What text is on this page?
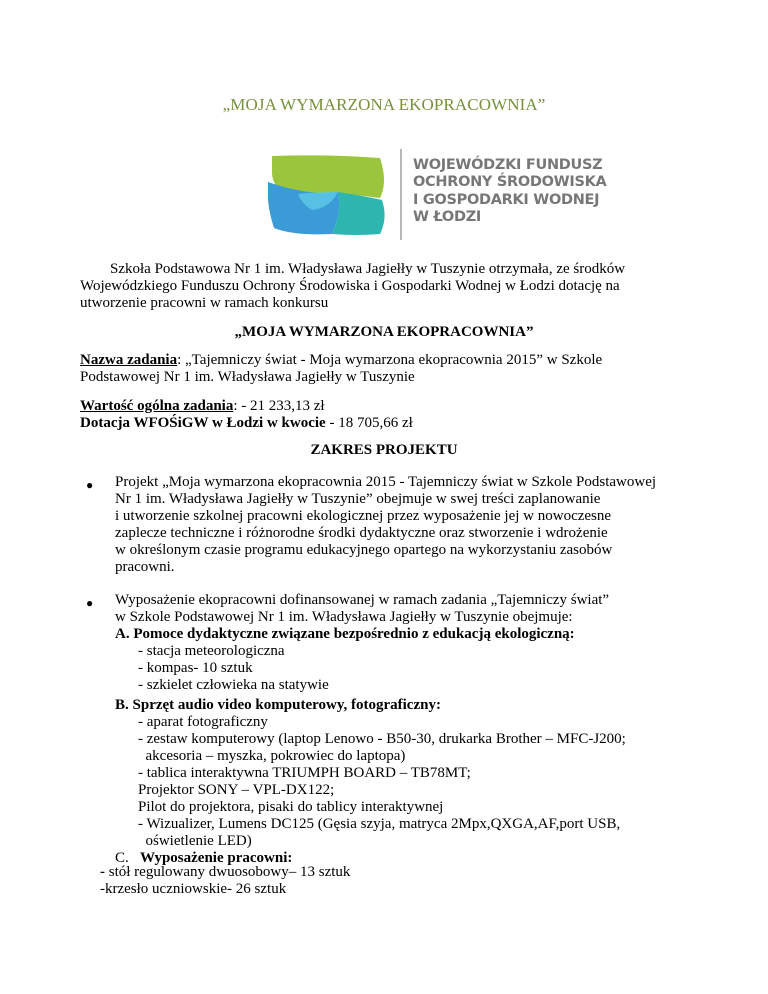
„MOJA WYMARZONA EKOPRACOWNIA”
WOJEWÓDZKI FUNDUSZ
OCHRONY ŚRODOWISKA
I GOSPODARKI WODNEJ
W ŁODZI

Szkoła Podstawowa Nr 1 im. Władysława Jagiełły w Tuszynie otrzymała, ze środków

Wojewódzkiego Funduszu Ochrony Środowiska i Gospodarki Wodnej w Łodzi dotację na

utworzenie pracowni w ramach konkursu

„MOJA WYMARZONA EKOPRACOWNIA”

Nazwa zadania: „Tajemniczy świat - Moja wymarzona ekopracownia 2015” w Szkole

Podstawowej Nr 1 im. Władysława Jagiełły w Tuszynie

Wartość ogólna zadania: - 21 233,13 zł

Dotacja WFOŚiGW w Łodzi w kwocie - 18 705,66 zł

ZAKRES PROJEKTU
● Projekt „Moja wymarzona ekopracownia 2015 - Tajemniczy świat w Szkole Podstawowej

Nr 1 im. Władysława Jagiełły w Tuszynie” obejmuje w swej treści zaplanowanie

i utworzenie szkolnej pracowni ekologicznej przez wyposażenie jej w nowoczesne

zaplecze techniczne i różnorodne środki dydaktyczne oraz stworzenie i wdrożenie

w określonym czasie programu edukacyjnego opartego na wykorzystaniu zasobów

pracowni.

● Wyposażenie ekopracowni dofinansowanej w ramach zadania „Tajemniczy świat”

w Szkole Podstawowej Nr 1 im. Władysława Jagiełły w Tuszynie obejmuje:

A. Pomoce dydaktyczne związane bezpośrednio z edukacją ekologiczną:

- stacja meteorologiczna

- kompas- 10 sztuk

- szkielet człowieka na statywie

B. Sprzęt audio video komputerowy, fotograficzny:

- aparat fotograficzny

- zestaw komputerowy (laptop Lenowo - B50-30, drukarka Brother – MFC-J200;

akcesoria – myszka, pokrowiec do laptopa)

- tablica interaktywna TRIUMPH BOARD – TB78MT;

Projektor SONY – VPL-DX122;

Pilot do projektora, pisaki do tablicy interaktywnej

- Wizualizer, Lumens DC125 (Gęsia szyja, matryca 2Mpx,QXGA,AF,port USB,

oświetlenie LED)

C.   Wyposażenie pracowni:

- stół regulowany dwuosobowy– 13 sztuk

-krzesło uczniowskie- 26 sztuk
